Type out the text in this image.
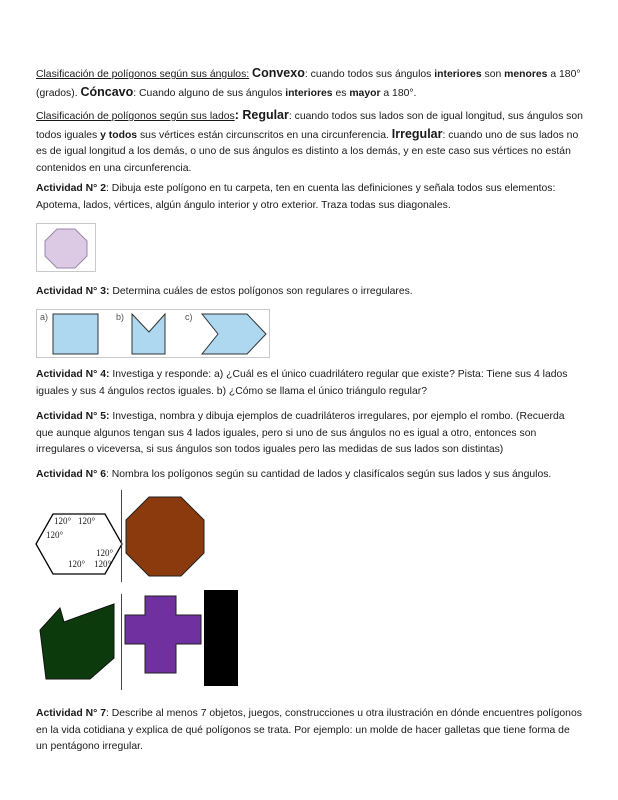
Clasificación de polígonos según sus ángulos: Convexo: cuando todos sus ángulos interiores son menores a 180° (grados). Cóncavo: Cuando alguno de sus ángulos interiores es mayor a 180°.
Clasificación de polígonos según sus lados: Regular: cuando todos sus lados son de igual longitud, sus ángulos son todos iguales y todos sus vértices están circunscritos en una circunferencia. Irregular: cuando uno de sus lados no es de igual longitud a los demás, o uno de sus ángulos es distinto a los demás, y en este caso sus vértices no están contenidos en una circunferencia.
Actividad N° 2: Dibuja este polígono en tu carpeta, ten en cuenta las definiciones y señala todos sus elementos: Apotema, lados, vértices, algún ángulo interior y otro exterior. Traza todas sus diagonales.
Actividad N° 3: Determina cuáles de estos polígonos son regulares o irregulares.
a)	b)	c)
Actividad N° 4: Investiga y responde: a) ¿Cuál es el único cuadrilátero regular que existe? Pista: Tiene sus 4 lados iguales y sus 4 ángulos rectos iguales. b) ¿Cómo se llama el único triángulo regular?
Actividad N° 5: Investiga, nombra y dibuja ejemplos de cuadriláteros irregulares, por ejemplo el rombo. (Recuerda que aunque algunos tengan sus 4 lados iguales, pero si uno de sus ángulos no es igual a otro, entonces son irregulares o viceversa, si sus ángulos son todos iguales pero las medidas de sus lados son distintas)
Actividad N° 6: Nombra los polígonos según su cantidad de lados y clasifícalos según sus lados y sus ángulos.
120° 120°
120°
120°
120° 120°
Actividad N° 7: Describe al menos 7 objetos, juegos, construcciones u otra ilustración en dónde encuentres polígonos en la vida cotidiana y explica de qué polígonos se trata. Por ejemplo: un molde de hacer galletas que tiene forma de un pentágono irregular.
